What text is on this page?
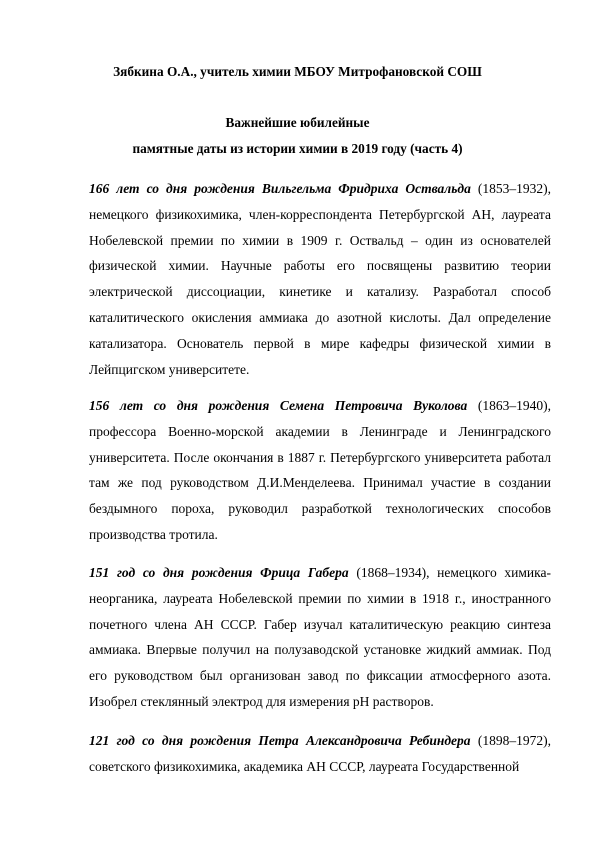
Зябкина О.А., учитель химии МБОУ Митрофановской СОШ
Важнейшие юбилейные
памятные даты из истории химии в 2019 году (часть 4)

166 лет со дня рождения Вильгельма Фридриха Оствальда (1853–1932), немецкого физикохимика, член-корреспондента Петербургской АН, лауреата Нобелевской премии по химии в 1909 г. Оствальд – один из основателей физической химии. Научные работы его посвящены развитию теории электрической диссоциации, кинетике и катализу. Разработал способ каталитического окисления аммиака до азотной кислоты. Дал определение катализатора. Основатель первой в мире кафедры физической химии в Лейпцигском университете.

156 лет со дня рождения Семена Петровича Вуколова (1863–1940), профессора Военно-морской академии в Ленинграде и Ленинградского университета. После окончания в 1887 г. Петербургского университета работал там же под руководством Д.И.Менделеева. Принимал участие в создании бездымного пороха, руководил разработкой технологических способов производства тротила.

151 год со дня рождения Фрица Габера (1868–1934), немецкого химика-неорганика, лауреата Нобелевской премии по химии в 1918 г., иностранного почетного члена АН СССР. Габер изучал каталитическую реакцию синтеза аммиака. Впервые получил на полузаводской установке жидкий аммиак. Под его руководством был организован завод по фиксации атмосферного азота. Изобрел стеклянный электрод для измерения pH растворов.

121 год со дня рождения Петра Александровича Ребиндера (1898–1972), советского физикохимика, академика АН СССР, лауреата Государственной
